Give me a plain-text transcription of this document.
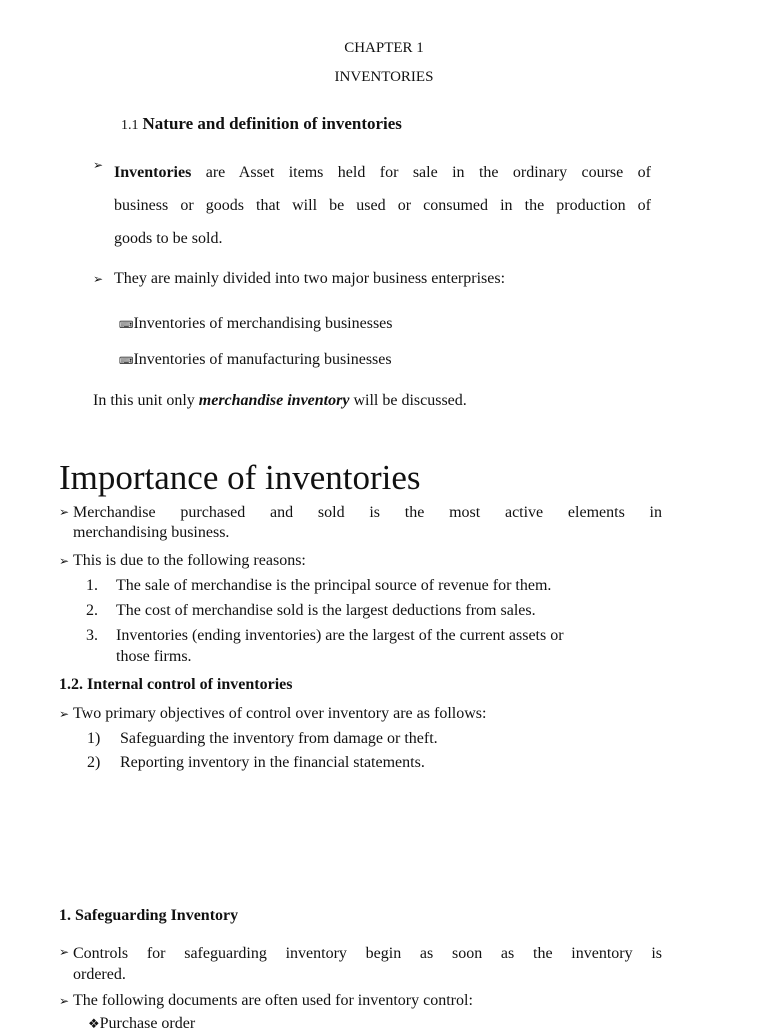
CHAPTER 1
INVENTORIES
1.1 Nature and definition of inventories
➢ Inventories are Asset items held for sale in the ordinary course of
business or goods that will be used or consumed in the production of
goods to be sold.
➢ They are mainly divided into two major business enterprises:
⌨Inventories of merchandising businesses
⌨Inventories of manufacturing businesses
In this unit only merchandise inventory will be discussed.
Importance of inventories
➢ Merchandise purchased and sold is the most active elements in
merchandising business.
➢ This is due to the following reasons:
1. The sale of merchandise is the principal source of revenue for them.
2. The cost of merchandise sold is the largest deductions from sales.
3. Inventories (ending inventories) are the largest of the current assets or
those firms.
1.2. Internal control of inventories
➢ Two primary objectives of control over inventory are as follows:
1) Safeguarding the inventory from damage or theft.
2) Reporting inventory in the financial statements.
1. Safeguarding Inventory
➢ Controls for safeguarding inventory begin as soon as the inventory is
ordered.
➢ The following documents are often used for inventory control:
❖Purchase order
